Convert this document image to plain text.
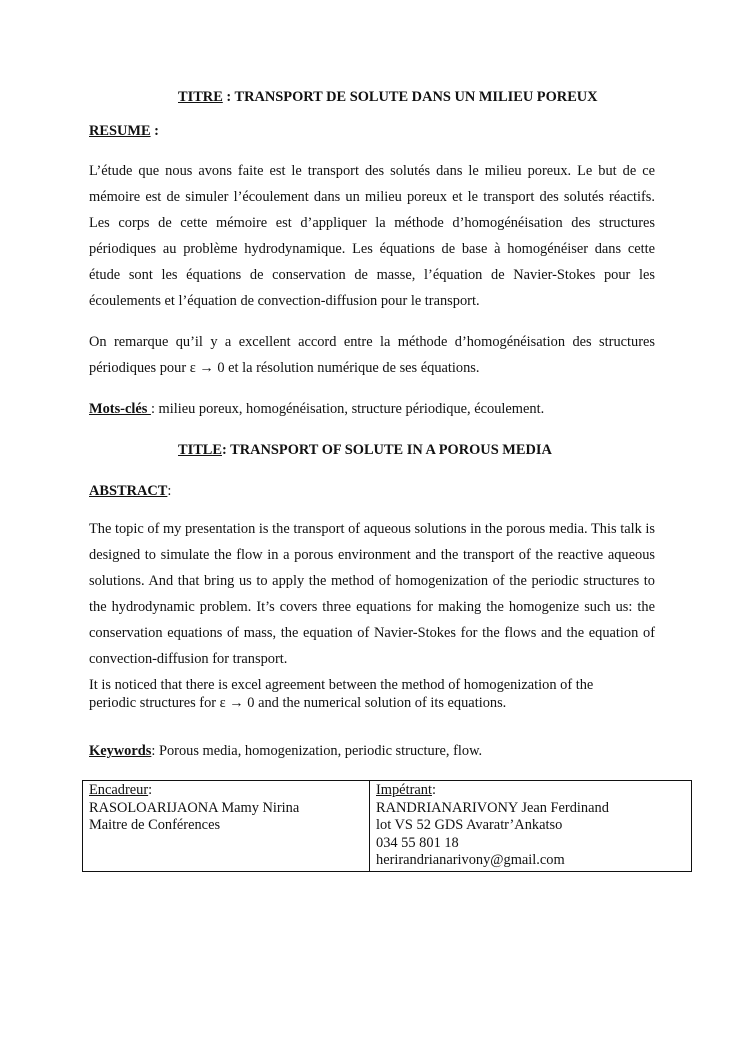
TITRE : TRANSPORT DE SOLUTE DANS UN MILIEU POREUX

RESUME :

L’étude que nous avons faite est le transport des solutés dans le milieu poreux. Le but de ce mémoire est de simuler l’écoulement dans un milieu poreux et le transport des solutés réactifs. Les corps de cette mémoire est d’appliquer la méthode d’homogénéisation des structures périodiques au problème hydrodynamique. Les équations de base à homogénéiser dans cette étude sont les équations de conservation de masse, l’équation de Navier-Stokes pour les écoulements et l’équation de convection-diffusion pour le transport.

On remarque qu’il y a excellent accord entre la méthode d’homogénéisation des structures

périodiques pour ε → 0 et la résolution numérique de ses équations.

Mots-clés : milieu poreux, homogénéisation, structure périodique, écoulement.

TITLE: TRANSPORT OF SOLUTE IN A POROUS MEDIA

ABSTRACT:

The topic of my presentation is the transport of aqueous solutions in the porous media. This talk is designed to simulate the flow in a porous environment and the transport of the reactive aqueous solutions. And that bring us to apply the method of homogenization of the periodic structures to the hydrodynamic problem. It’s covers three equations for making the homogenize such us: the conservation equations of mass, the equation of Navier-Stokes for the flows and the equation of convection-diffusion for transport.

It is noticed that there is excel agreement between the method of homogenization of the
periodic structures for ε → 0 and the numerical solution of its equations.

Keywords: Porous media, homogenization, periodic structure, flow.

Encadreur:
RASOLOARIJAONA Mamy Nirina
Maitre de Conférences

Impétrant:
RANDRIANARIVONY Jean Ferdinand
lot VS 52 GDS Avaratr’Ankatso
034 55 801 18
herirandrianarivony@gmail.com
